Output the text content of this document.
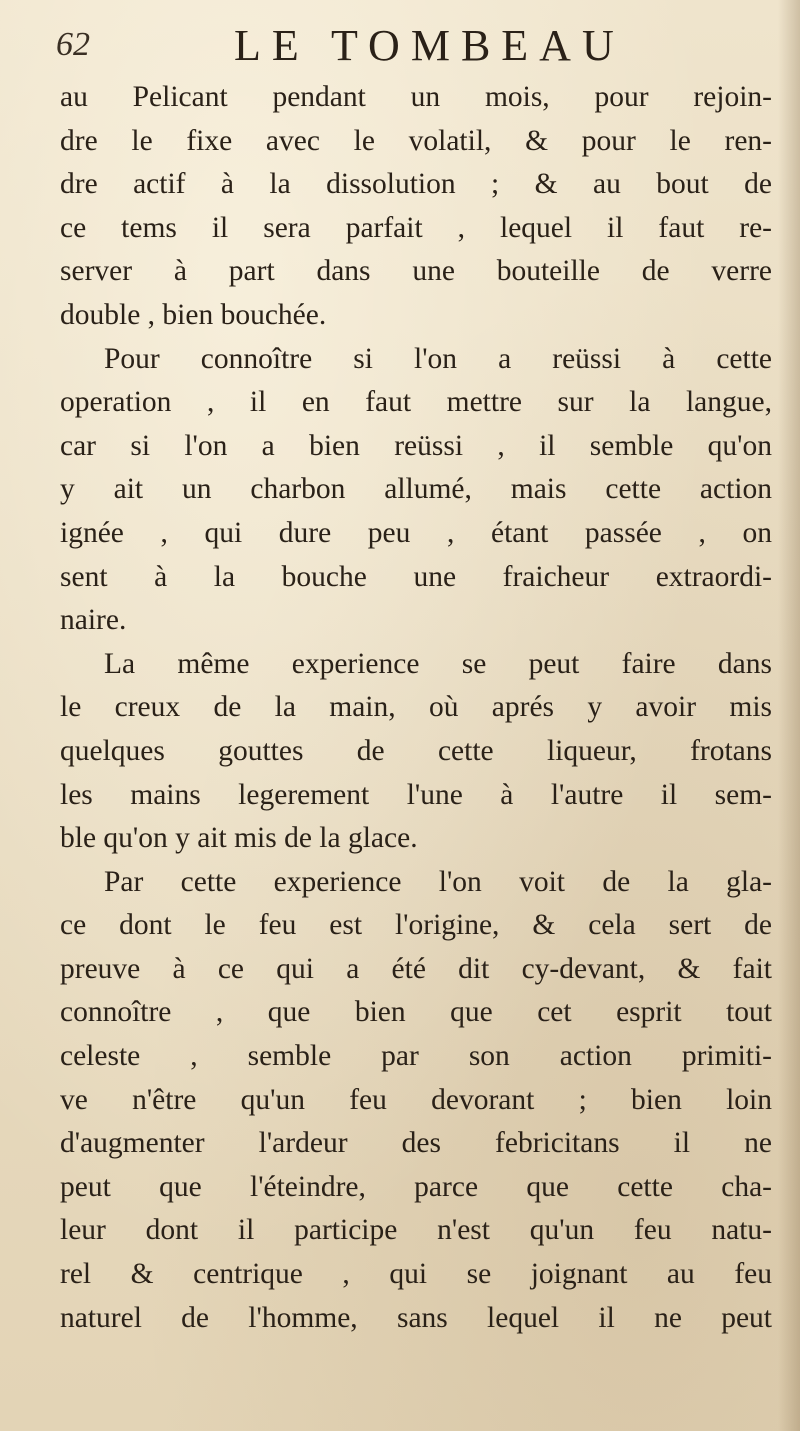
62	LE TOMBEAU
au Pelicant pendant un mois, pour rejoin-
dre le fixe avec le volatil, & pour le ren-
dre actif à la dissolution ; & au bout de
ce tems il sera parfait , lequel il faut re-
server à part dans une bouteille de verre
double , bien bouchée.
Pour connoître si l'on a reüssi à cette
operation , il en faut mettre sur la langue,
car si l'on a bien reüssi , il semble qu'on
y ait un charbon allumé, mais cette action
ignée , qui dure peu , étant passée , on
sent à la bouche une fraicheur extraordi-
naire.
La même experience se peut faire dans
le creux de la main, où aprés y avoir mis
quelques gouttes de cette liqueur, frotans
les mains legerement l'une à l'autre il sem-
ble qu'on y ait mis de la glace.
Par cette experience l'on voit de la gla-
ce dont le feu est l'origine, & cela sert de
preuve à ce qui a été dit cy-devant, & fait
connoître , que bien que cet esprit tout
celeste , semble par son action primiti-
ve n'être qu'un feu devorant ; bien loin
d'augmenter l'ardeur des febricitans il ne
peut que l'éteindre, parce que cette cha-
leur dont il participe n'est qu'un feu natu-
rel & centrique , qui se joignant au feu
naturel de l'homme, sans lequel il ne peut
